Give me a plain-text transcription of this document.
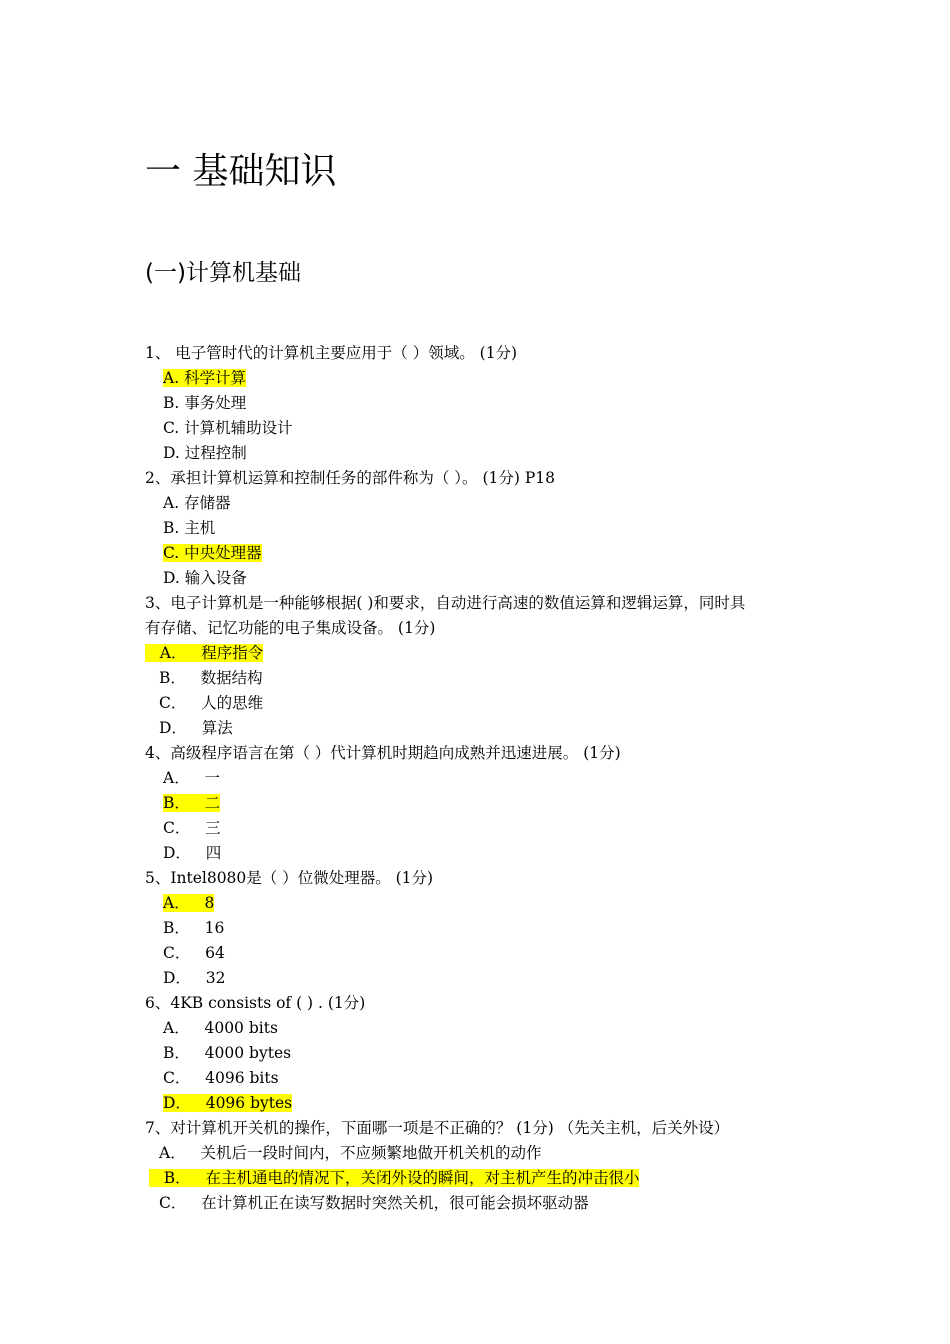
一 基础知识
(一)计算机基础
1、 电子管时代的计算机主要应用于（ ）领域。 (1分)
A. 科学计算
B. 事务处理
C. 计算机辅助设计
D. 过程控制
2、承担计算机运算和控制任务的部件称为（ ）。 (1分) P18
A. 存储器
B. 主机
C. 中央处理器
D. 输入设备
3、电子计算机是一种能够根据( )和要求，自动进行高速的数值运算和逻辑运算，同时具
有存储、记忆功能的电子集成设备。 (1分)
A．   程序指令
B．   数据结构
C．   人的思维
D．   算法
4、高级程序语言在第（ ）代计算机时期趋向成熟并迅速进展。 (1分)
A．   一
B．   二
C．   三
D．   四
5、Intel8080是（ ）位微处理器。 (1分)
A．   8
B．   16
C．   64
D．   32
6、4KB consists of ( ) . (1分)
A．   4000 bits
B．   4000 bytes
C．   4096 bits
D．   4096 bytes
7、对计算机开关机的操作，下面哪一项是不正确的？ (1分) （先关主机，后关外设）
A．   关机后一段时间内，不应频繁地做开机关机的动作
B．   在主机通电的情况下，关闭外设的瞬间，对主机产生的冲击很小
C．   在计算机正在读写数据时突然关机，很可能会损坏驱动器
